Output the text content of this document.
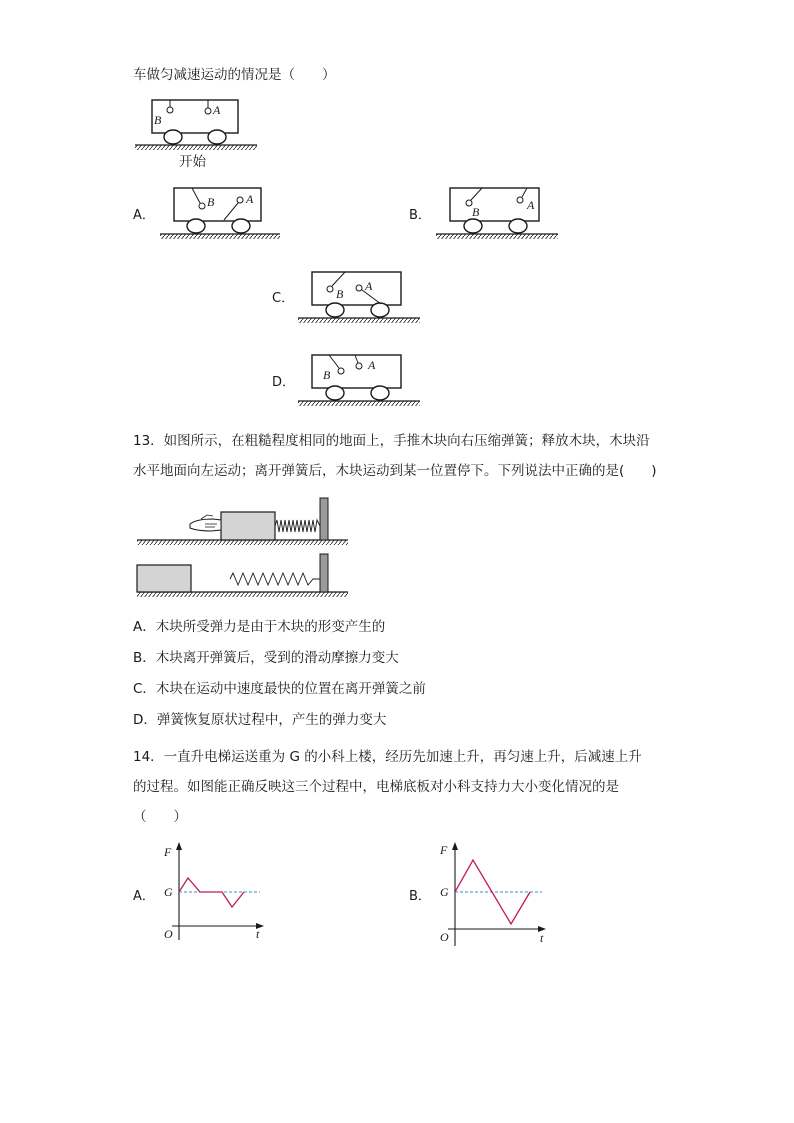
车做匀减速运动的情况是（　　）
A
B
开始
A．
B	A
B．	B	A
C．	B
A
D． B
A
13．如图所示，在粗糙程度相同的地面上，手推木块向右压缩弹簧；释放木块，木块沿
水平地面向左运动；离开弹簧后，木块运动到某一位置停下。下列说法中正确的是(　　)
A．木块所受弹力是由于木块的形变产生的
B．木块离开弹簧后，受到的滑动摩擦力变大
C．木块在运动中速度最快的位置在离开弹簧之前
D．弹簧恢复原状过程中，产生的弹力变大
14．一直升电梯运送重为 G 的小科上楼，经历先加速上升，再匀速上升，后减速上升
的过程。如图能正确反映这三个过程中，电梯底板对小科支持力大小变化情况的是
（　　）
A．
F
G
O	t
B．
F
G
O	t
